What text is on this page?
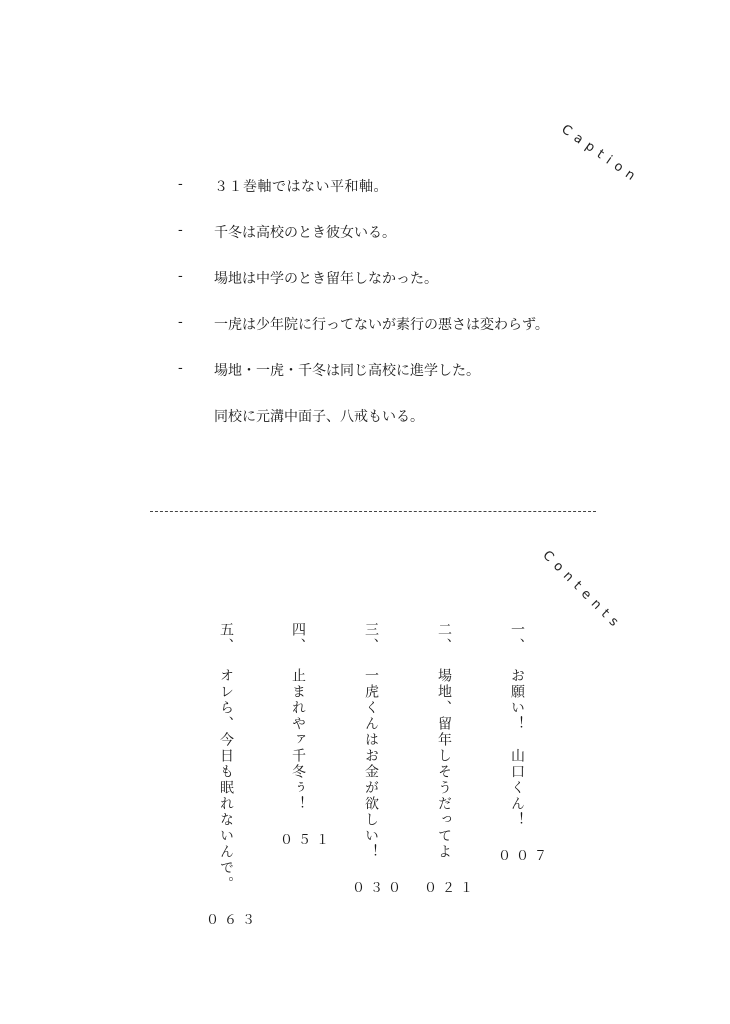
Caption
-	３１巻軸ではない平和軸。
-	千冬は高校のとき彼女いる。
-	場地は中学のとき留年しなかった。
-	一虎は少年院に行ってないが素行の悪さは変わらず。
-	場地・一虎・千冬は同じ高校に進学した。
同校に元溝中面子、八戒もいる。
Contents
一、お願い！　山口くん！
００７
二、場地、留年しそうだってよ
０２１
三、一虎くんはお金が欲しい！
０３０
四、止まれやァ千冬ぅ！
０５１
五、オレら、今日も眠れないんで。
０６３
